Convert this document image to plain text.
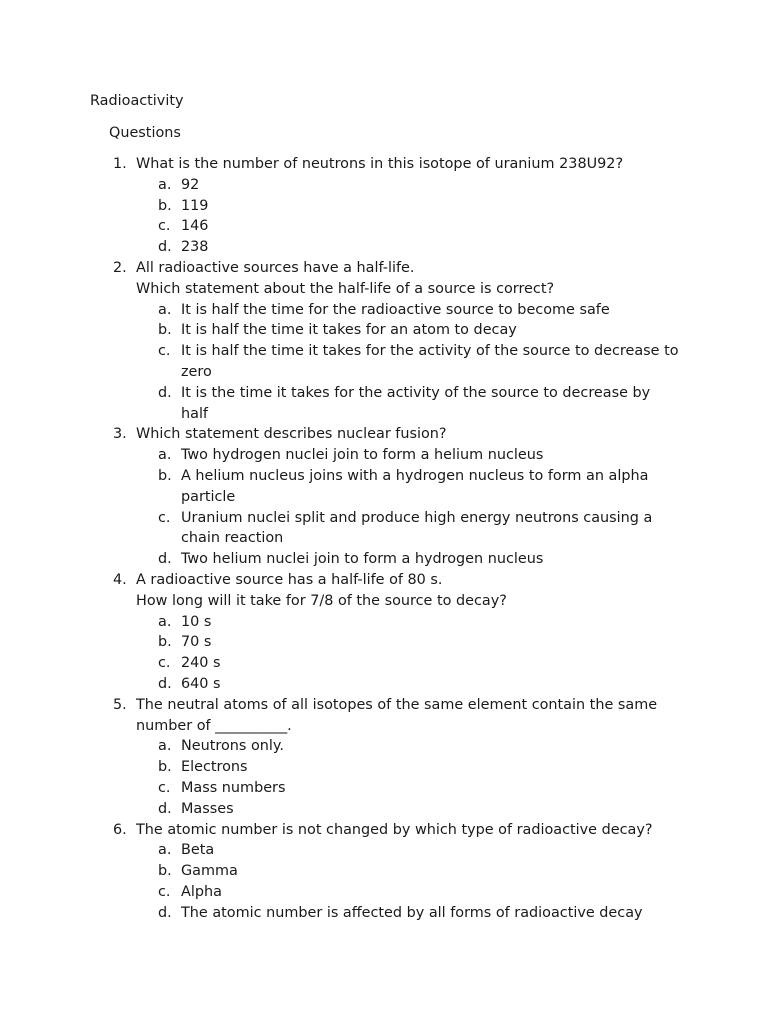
Radioactivity
Questions
1. What is the number of neutrons in this isotope of uranium 238U92?
a. 92
b. 119
c. 146
d. 238
2. All radioactive sources have a half-life.
Which statement about the half-life of a source is correct?
a. It is half the time for the radioactive source to become safe
b. It is half the time it takes for an atom to decay
c. It is half the time it takes for the activity of the source to decrease to zero
d. It is the time it takes for the activity of the source to decrease by half
3. Which statement describes nuclear fusion?
a. Two hydrogen nuclei join to form a helium nucleus
b. A helium nucleus joins with a hydrogen nucleus to form an alpha particle
c. Uranium nuclei split and produce high energy neutrons causing a chain reaction
d. Two helium nuclei join to form a hydrogen nucleus
4. A radioactive source has a half-life of 80 s.
How long will it take for 7/8 of the source to decay?
a. 10 s
b. 70 s
c. 240 s
d. 640 s
5. The neutral atoms of all isotopes of the same element contain the same number of __________.
a. Neutrons only.
b. Electrons
c. Mass numbers
d. Masses
6. The atomic number is not changed by which type of radioactive decay?
a. Beta
b. Gamma
c. Alpha
d. The atomic number is affected by all forms of radioactive decay
